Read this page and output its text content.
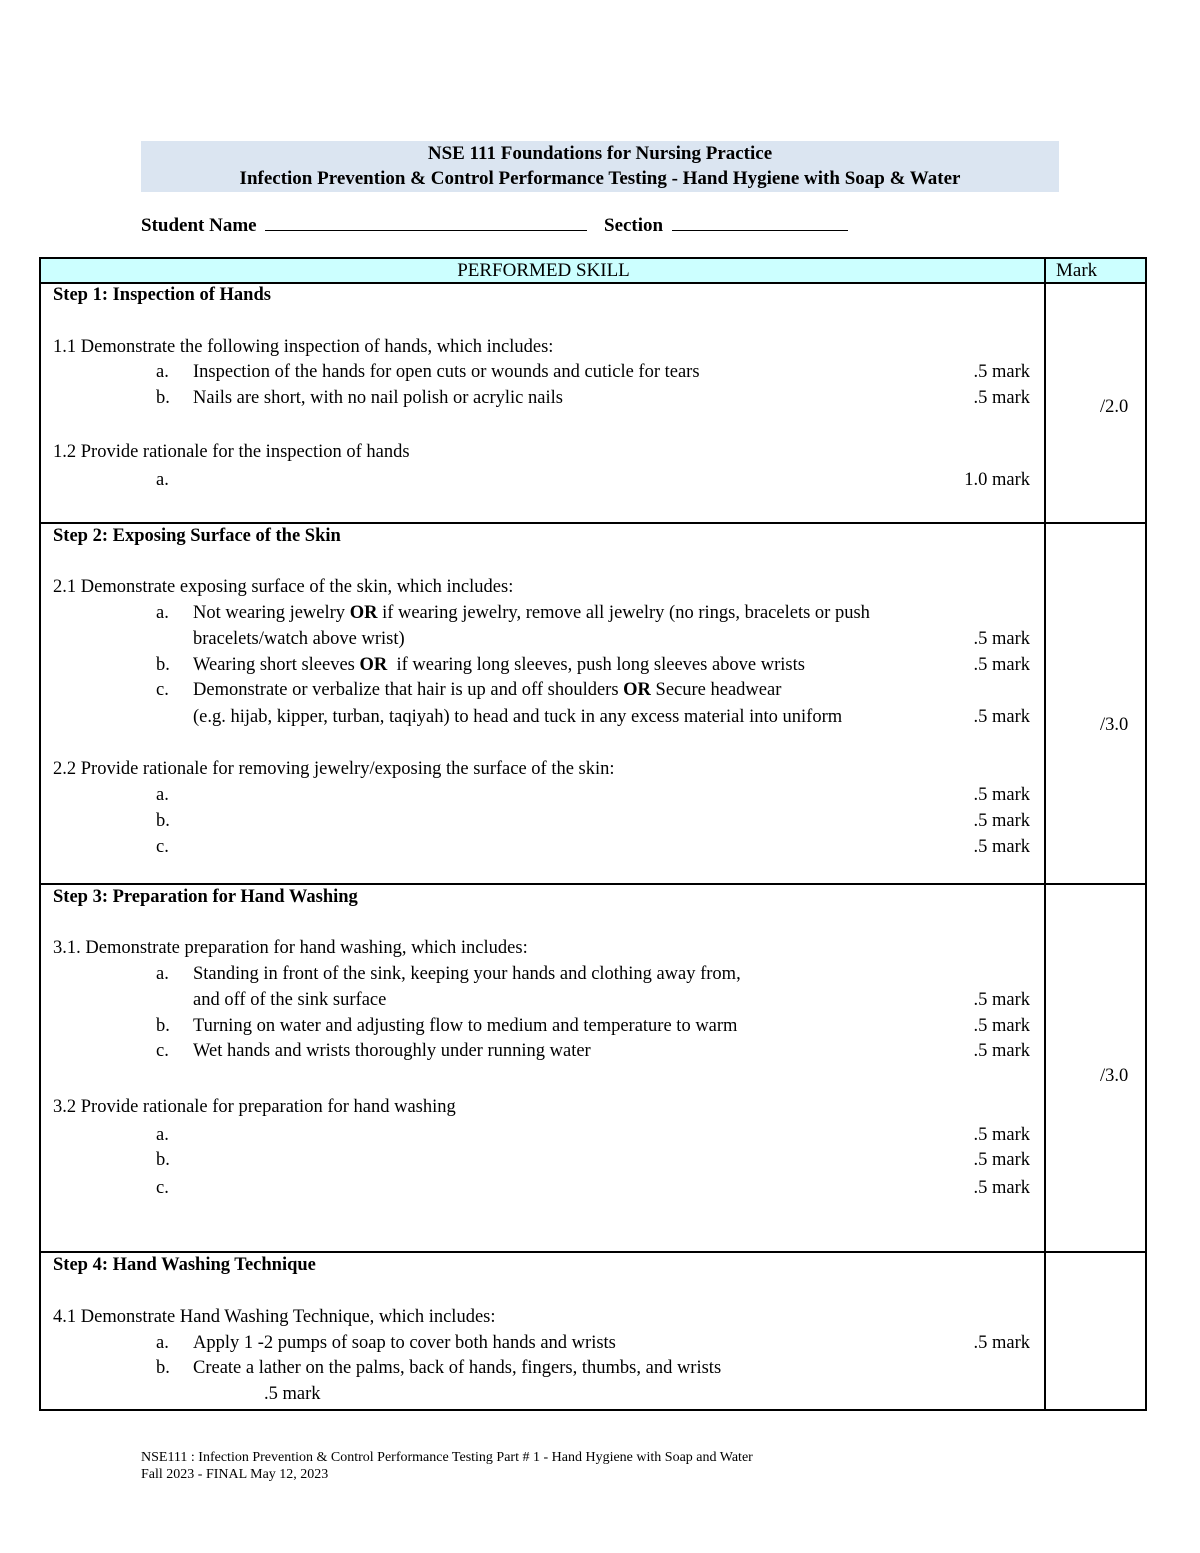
NSE 111 Foundations for Nursing Practice
Infection Prevention & Control Performance Testing - Hand Hygiene with Soap & Water
Student Name	Section
PERFORMED SKILL	Mark
Step 1: Inspection of Hands
1.1 Demonstrate the following inspection of hands, which includes:
a.	Inspection of the hands for open cuts or wounds and cuticle for tears	.5 mark
b.	Nails are short, with no nail polish or acrylic nails	.5 mark	/2.0
1.2 Provide rationale for the inspection of hands
a.	1.0 mark
Step 2: Exposing Surface of the Skin
2.1 Demonstrate exposing surface of the skin, which includes:
a.	Not wearing jewelry OR if wearing jewelry, remove all jewelry (no rings, bracelets or push
bracelets/watch above wrist)	.5 mark
b.	Wearing short sleeves OR  if wearing long sleeves, push long sleeves above wrists	.5 mark
c.	Demonstrate or verbalize that hair is up and off shoulders OR Secure headwear
(e.g. hijab, kipper, turban, taqiyah) to head and tuck in any excess material into uniform	.5 mark	/3.0
2.2 Provide rationale for removing jewelry/exposing the surface of the skin:
a.	.5 mark
b.	.5 mark
c.	.5 mark
Step 3: Preparation for Hand Washing
3.1. Demonstrate preparation for hand washing, which includes:
a.	Standing in front of the sink, keeping your hands and clothing away from,
and off of the sink surface	.5 mark
b.	Turning on water and adjusting flow to medium and temperature to warm	.5 mark
c.	Wet hands and wrists thoroughly under running water	.5 mark
/3.0
3.2 Provide rationale for preparation for hand washing
a.	.5 mark
b.	.5 mark
c.	.5 mark
Step 4: Hand Washing Technique
4.1 Demonstrate Hand Washing Technique, which includes:
a.	Apply 1 -2 pumps of soap to cover both hands and wrists	.5 mark
b.	Create a lather on the palms, back of hands, fingers, thumbs, and wrists
.5 mark
NSE111 : Infection Prevention & Control Performance Testing Part # 1 - Hand Hygiene with Soap and Water
Fall 2023 - FINAL May 12, 2023
